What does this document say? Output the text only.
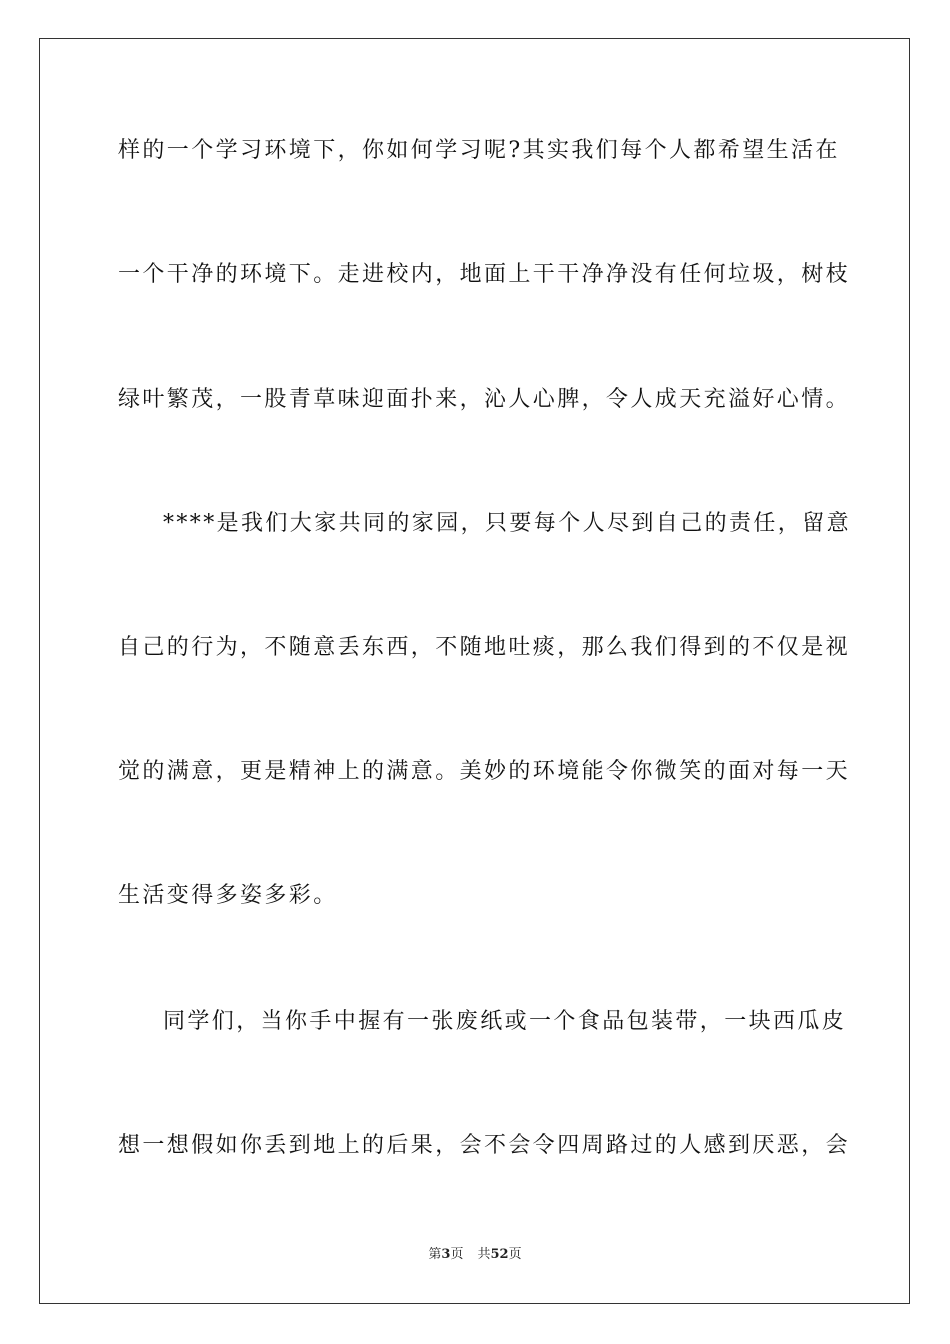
样的一个学习环境下，你如何学习呢?其实我们每个人都希望生活在
一个干净的环境下。走进校内，地面上干干净净没有任何垃圾，树枝
绿叶繁茂，一股青草味迎面扑来，沁人心脾，令人成天充溢好心情。
****是我们大家共同的家园，只要每个人尽到自己的责任，留意
自己的行为，不随意丢东西，不随地吐痰，那么我们得到的不仅是视
觉的满意，更是精神上的满意。美妙的环境能令你微笑的面对每一天
生活变得多姿多彩。
同学们，当你手中握有一张废纸或一个食品包装带，一块西瓜皮
想一想假如你丢到地上的后果，会不会令四周路过的人感到厌恶，会
第3页 共52页
